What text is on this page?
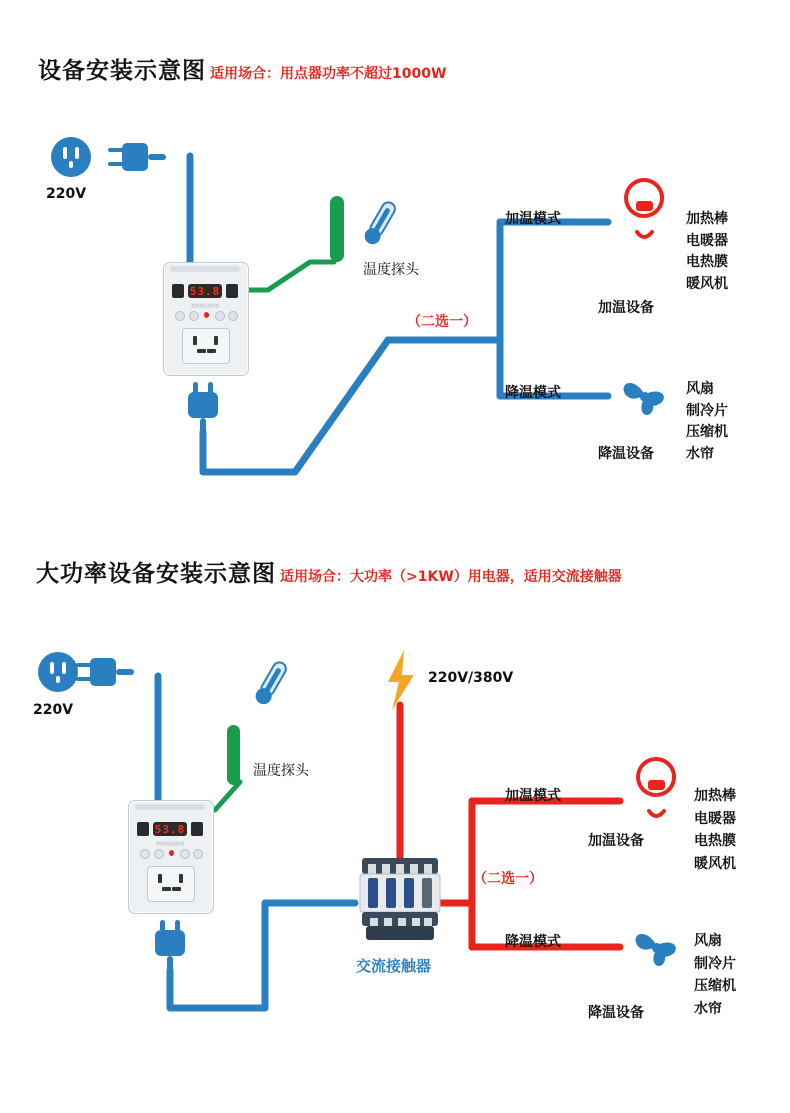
设备安装示意图 适用场合：用点器功率不超过1000W
53.8
智能数显温控器
220V
温度探头
加温模式
降温模式
（二选一）
加温设备
降温设备
加热棒
电暖器
电热膜
暖风机
风扇
制冷片
压缩机
水帘
大功率设备安装示意图 适用场合：大功率（>1KW）用电器，适用交流接触器
53.8
智能数显温控器
220V
温度探头
220V/380V
交流接触器
加温模式
降温模式
（二选一）
加温设备
降温设备
加热棒
电暖器
电热膜
暖风机
风扇
制冷片
压缩机
水帘
